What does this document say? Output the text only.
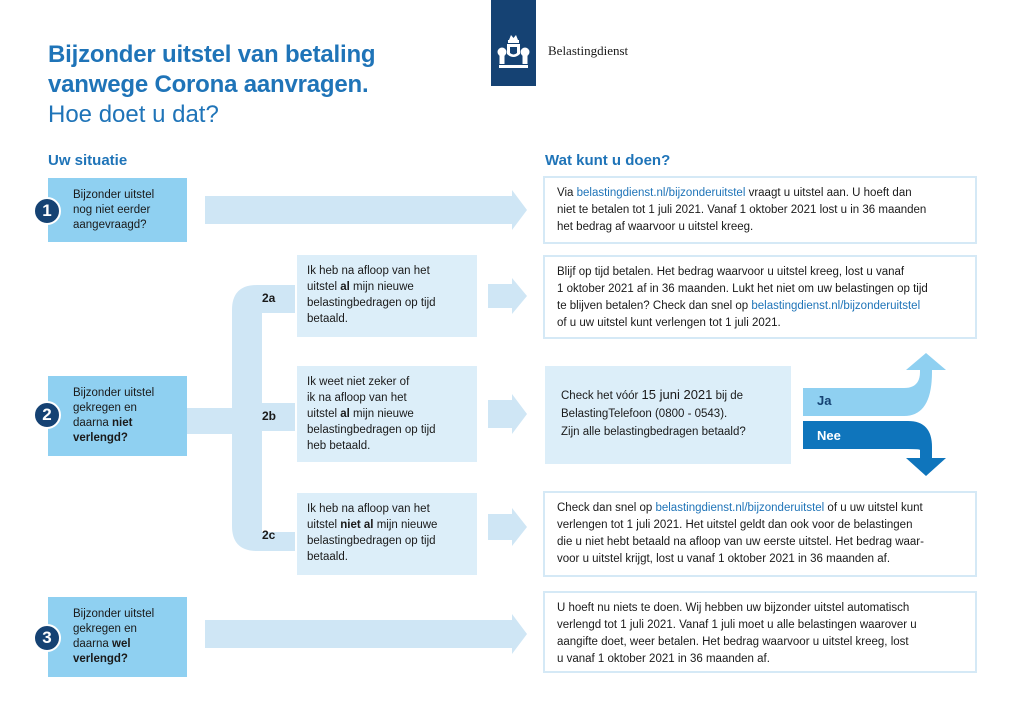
Bijzonder uitstel van betaling
vanwege Corona aanvragen.
Hoe doet u dat?
Belastingdienst
Uw situatie	Wat kunt u doen?
Bijzonder uitstel
nog niet eerder
aangevraagd?
1
Bijzonder uitstel
gekregen en
daarna niet
verlengd?
2
Bijzonder uitstel
gekregen en
daarna wel
verlengd?
3
2a
2b
2c
Ik heb na afloop van het
uitstel al mijn nieuwe
belastingbedragen op tijd
betaald.
Ik weet niet zeker of
ik na afloop van het
uitstel al mijn nieuwe
belastingbedragen op tijd
heb betaald.
Ik heb na afloop van het
uitstel niet al mijn nieuwe
belastingbedragen op tijd
betaald.
Via belastingdienst.nl/bijzonderuitstel vraagt u uitstel aan. U hoeft dan
niet te betalen tot 1 juli 2021. Vanaf 1 oktober 2021 lost u in 36 maanden
het bedrag af waarvoor u uitstel kreeg.
Blijf op tijd betalen. Het bedrag waarvoor u uitstel kreeg, lost u vanaf
1 oktober 2021 af in 36 maanden. Lukt het niet om uw belastingen op tijd
te blijven betalen? Check dan snel op belastingdienst.nl/bijzonderuitstel
of u uw uitstel kunt verlengen tot 1 juli 2021.
Check het vóór 15 juni 2021 bij de
BelastingTelefoon (0800 - 0543).
Zijn alle belastingbedragen betaald?
Ja
Nee
Check dan snel op belastingdienst.nl/bijzonderuitstel of u uw uitstel kunt
verlengen tot 1 juli 2021. Het uitstel geldt dan ook voor de belastingen
die u niet hebt betaald na afloop van uw eerste uitstel. Het bedrag waar-
voor u uitstel krijgt, lost u vanaf 1 oktober 2021 in 36 maanden af.
U hoeft nu niets te doen. Wij hebben uw bijzonder uitstel automatisch
verlengd tot 1 juli 2021. Vanaf 1 juli moet u alle belastingen waarover u
aangifte doet, weer betalen. Het bedrag waarvoor u uitstel kreeg, lost
u vanaf 1 oktober 2021 in 36 maanden af.
